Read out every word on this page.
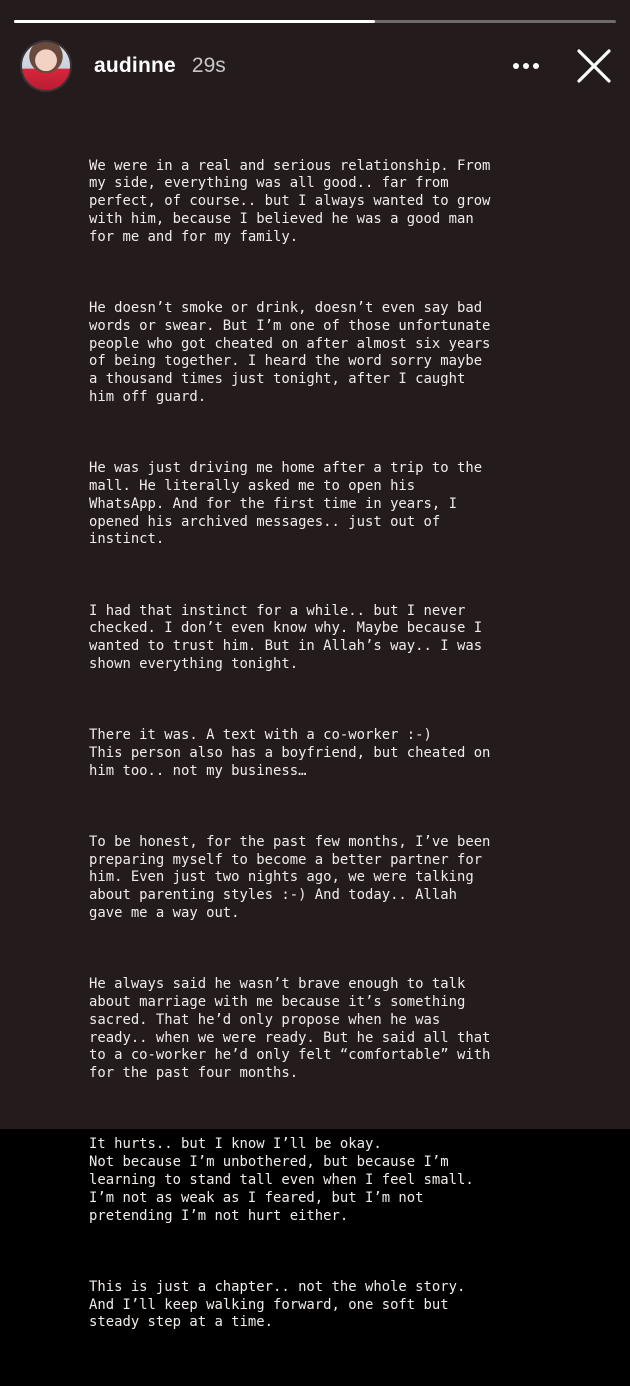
audinne 29s

We were in a real and serious relationship. From
my side, everything was all good.. far from
perfect, of course.. but I always wanted to grow
with him, because I believed he was a good man
for me and for my family.

He doesn’t smoke or drink, doesn’t even say bad
words or swear. But I’m one of those unfortunate
people who got cheated on after almost six years
of being together. I heard the word sorry maybe
a thousand times just tonight, after I caught
him off guard.

He was just driving me home after a trip to the
mall. He literally asked me to open his
WhatsApp. And for the first time in years, I
opened his archived messages.. just out of
instinct.

I had that instinct for a while.. but I never
checked. I don’t even know why. Maybe because I
wanted to trust him. But in Allah’s way.. I was
shown everything tonight.

There it was. A text with a co-worker :-)
This person also has a boyfriend, but cheated on
him too.. not my business…

To be honest, for the past few months, I’ve been
preparing myself to become a better partner for
him. Even just two nights ago, we were talking
about parenting styles :-) And today.. Allah
gave me a way out.

He always said he wasn’t brave enough to talk
about marriage with me because it’s something
sacred. That he’d only propose when he was
ready.. when we were ready. But he said all that
to a co-worker he’d only felt “comfortable” with
for the past four months.

It hurts.. but I know I’ll be okay.
Not because I’m unbothered, but because I’m
learning to stand tall even when I feel small.
I’m not as weak as I feared, but I’m not
pretending I’m not hurt either.

This is just a chapter.. not the whole story.
And I’ll keep walking forward, one soft but
steady step at a time.
